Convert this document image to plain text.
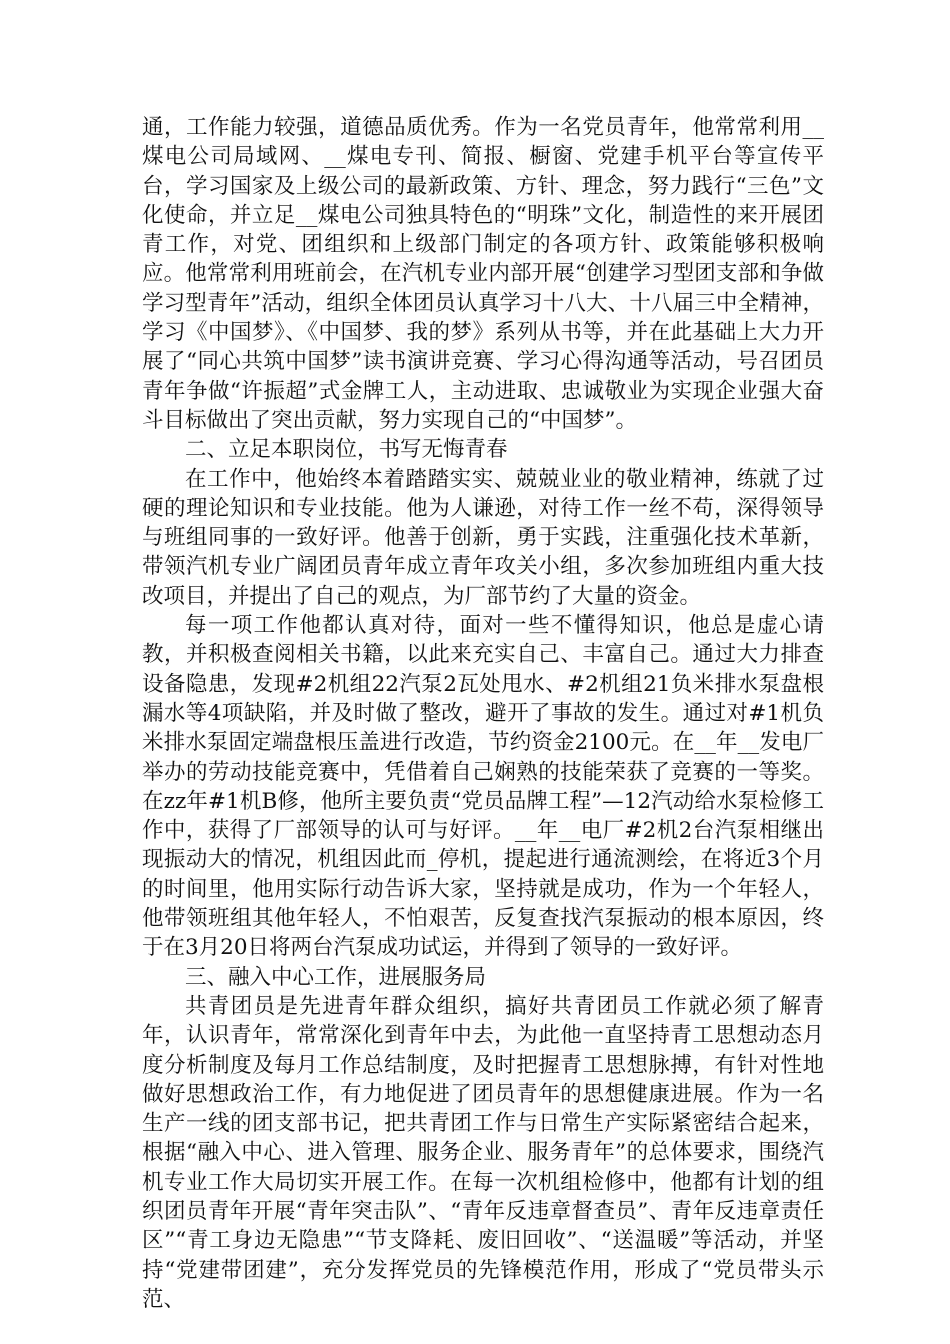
通，工作能力较强，道德品质优秀。作为一名党员青年，他常常利用__煤电公司局域网、__煤电专刊、简报、橱窗、党建手机平台等宣传平台，学习国家及上级公司的最新政策、方针、理念，努力践行“三色”文化使命，并立足__煤电公司独具特色的“明珠”文化，制造性的来开展团青工作，对党、团组织和上级部门制定的各项方针、政策能够积极响应。他常常利用班前会，在汽机专业内部开展“创建学习型团支部和争做学习型青年”活动，组织全体团员认真学习十八大、十八届三中全精神，学习《中国梦》、《中国梦、我的梦》系列从书等，并在此基础上大力开展了“同心共筑中国梦”读书演讲竞赛、学习心得沟通等活动，号召团员青年争做“许振超”式金牌工人，主动进取、忠诚敬业为实现企业强大奋斗目标做出了突出贡献，努力实现自己的“中国梦”。

二、立足本职岗位，书写无悔青春

在工作中，他始终本着踏踏实实、兢兢业业的敬业精神，练就了过硬的理论知识和专业技能。他为人谦逊，对待工作一丝不苟，深得领导与班组同事的一致好评。他善于创新，勇于实践，注重强化技术革新，带领汽机专业广阔团员青年成立青年攻关小组，多次参加班组内重大技改项目，并提出了自己的观点，为厂部节约了大量的资金。

每一项工作他都认真对待，面对一些不懂得知识，他总是虚心请教，并积极查阅相关书籍，以此来充实自己、丰富自己。通过大力排查设备隐患，发现#2机组22汽泵2瓦处甩水、#2机组21负米排水泵盘根漏水等4项缺陷，并及时做了整改，避开了事故的发生。通过对#1机负米排水泵固定端盘根压盖进行改造，节约资金2100元。在__年__发电厂举办的劳动技能竞赛中，凭借着自己娴熟的技能荣获了竞赛的一等奖。在zz年#1机B修，他所主要负责“党员品牌工程”—12汽动给水泵检修工作中，获得了厂部领导的认可与好评。__年__电厂#2机2台汽泵相继出现振动大的情况，机组因此而_停机，提起进行通流测绘，在将近3个月的时间里，他用实际行动告诉大家，坚持就是成功，作为一个年轻人，他带领班组其他年轻人，不怕艰苦，反复查找汽泵振动的根本原因，终于在3月20日将两台汽泵成功试运，并得到了领导的一致好评。

三、融入中心工作，进展服务局

共青团员是先进青年群众组织，搞好共青团员工作就必须了解青年，认识青年，常常深化到青年中去，为此他一直坚持青工思想动态月度分析制度及每月工作总结制度，及时把握青工思想脉搏，有针对性地做好思想政治工作，有力地促进了团员青年的思想健康进展。作为一名生产一线的团支部书记，把共青团工作与日常生产实际紧密结合起来，根据“融入中心、进入管理、服务企业、服务青年”的总体要求，围绕汽机专业工作大局切实开展工作。在每一次机组检修中，他都有计划的组织团员青年开展“青年突击队”、“青年反违章督查员”、青年反违章责任区”“青工身边无隐患”“节支降耗、废旧回收”、“送温暖”等活动，并坚持“党建带团建”，充分发挥党员的先锋模范作用，形成了“党员带头示范、
